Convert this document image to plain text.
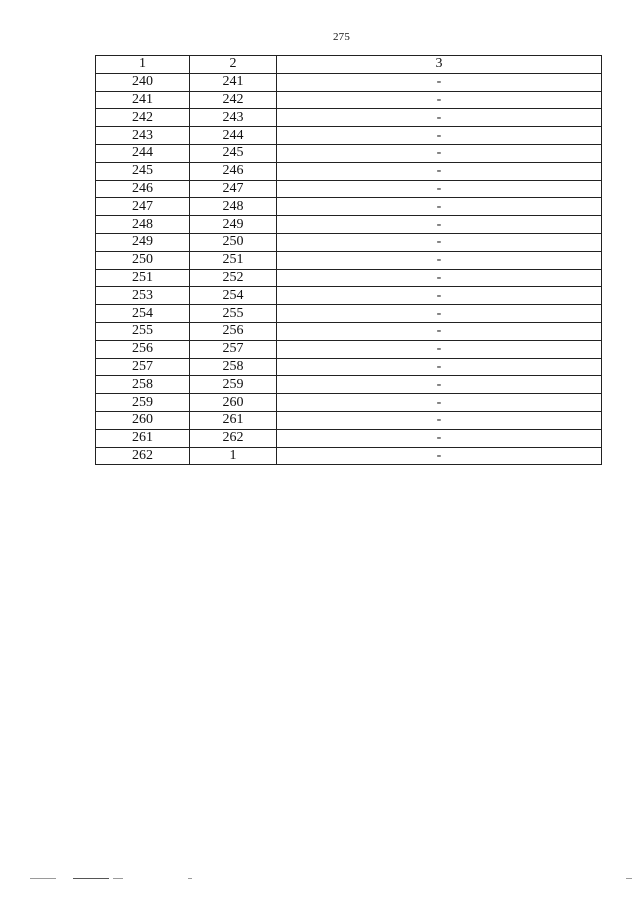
275
1	2	3
240	241	-
241	242	-
242	243	-
243	244	-
244	245	-
245	246	-
246	247	-
247	248	-
248	249	-
249	250	-
250	251	-
251	252	-
253	254	-
254	255	-
255	256	-
256	257	-
257	258	-
258	259	-
259	260	-
260	261	-
261	262	-
262	1	-
